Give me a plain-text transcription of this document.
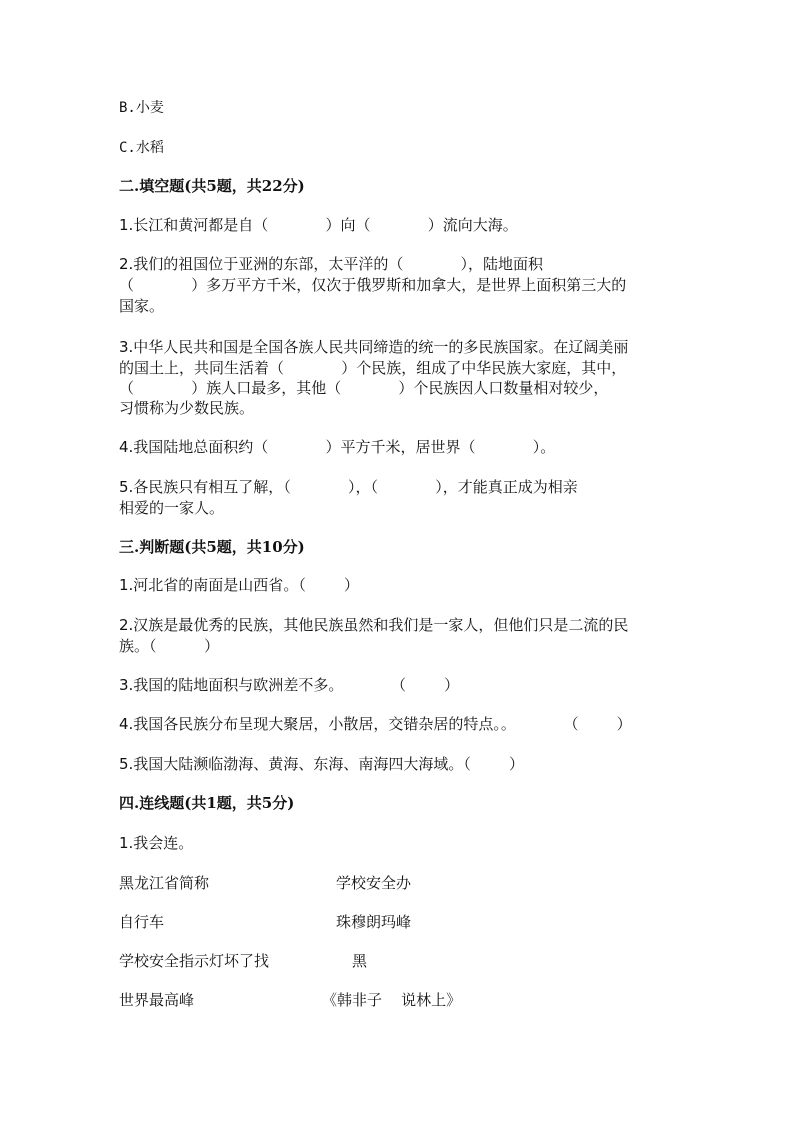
B.小麦
C.水稻
二.填空题(共5题，共22分)
1.长江和黄河都是自（            ）向（            ）流向大海。
2.我们的祖国位于亚洲的东部，太平洋的（            ），陆地面积
（            ）多万平方千米，仅次于俄罗斯和加拿大，是世界上面积第三大的
国家。
3.中华人民共和国是全国各族人民共同缔造的统一的多民族国家。在辽阔美丽
的国土上，共同生活着（            ）个民族，组成了中华民族大家庭，其中，
（            ）族人口最多，其他（            ）个民族因人口数量相对较少，
习惯称为少数民族。
4.我国陆地总面积约（            ）平方千米，居世界（            ）。
5.各民族只有相互了解，（            ），（            ），才能真正成为相亲
相爱的一家人。
三.判断题(共5题，共10分)
1.河北省的南面是山西省。（        ）
2.汉族是最优秀的民族，其他民族虽然和我们是一家人，但他们只是二流的民
族。（          ）
3.我国的陆地面积与欧洲差不多。          （        ）
4.我国各民族分布呈现大聚居，小散居，交错杂居的特点。。          （        ）
5.我国大陆濒临渤海、黄海、东海、南海四大海域。（        ）
四.连线题(共1题，共5分)
1.我会连。
黑龙江省简称	学校安全办
自行车	珠穆朗玛峰
学校安全指示灯坏了找	黑
世界最高峰	《韩非子    说林上》
